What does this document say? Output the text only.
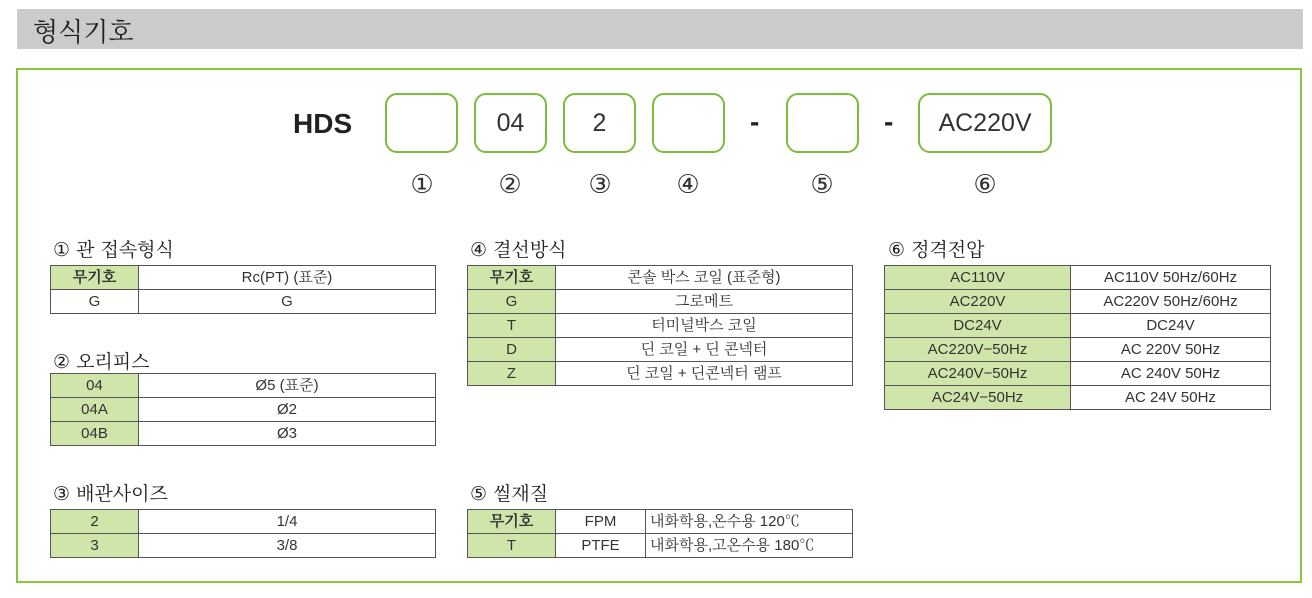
형식기호
HDS	04	2	-	-	AC220V
①	②	③	④	⑤	⑥
① 관 접속형식
무기호	Rc(PT) (표준)
G	G
② 오리피스
04	Ø5 (표준)
04A	Ø2
04B	Ø3
③ 배관사이즈
2	1/4
3	3/8
④ 결선방식
무기호	콘솔 박스 코일 (표준형)
G	그로메트
T	터미널박스 코일
D	딘 코일 + 딘 콘넥터
Z	딘 코일 + 딘콘넥터 램프
⑤ 씰재질
무기호	FPM	내화학용,온수용 120℃
T	PTFE	내화학용,고온수용 180℃
⑥ 정격전압
AC110V	AC110V 50Hz/60Hz
AC220V	AC220V 50Hz/60Hz
DC24V	DC24V
AC220V−50Hz	AC 220V 50Hz
AC240V−50Hz	AC 240V 50Hz
AC24V−50Hz	AC 24V 50Hz
